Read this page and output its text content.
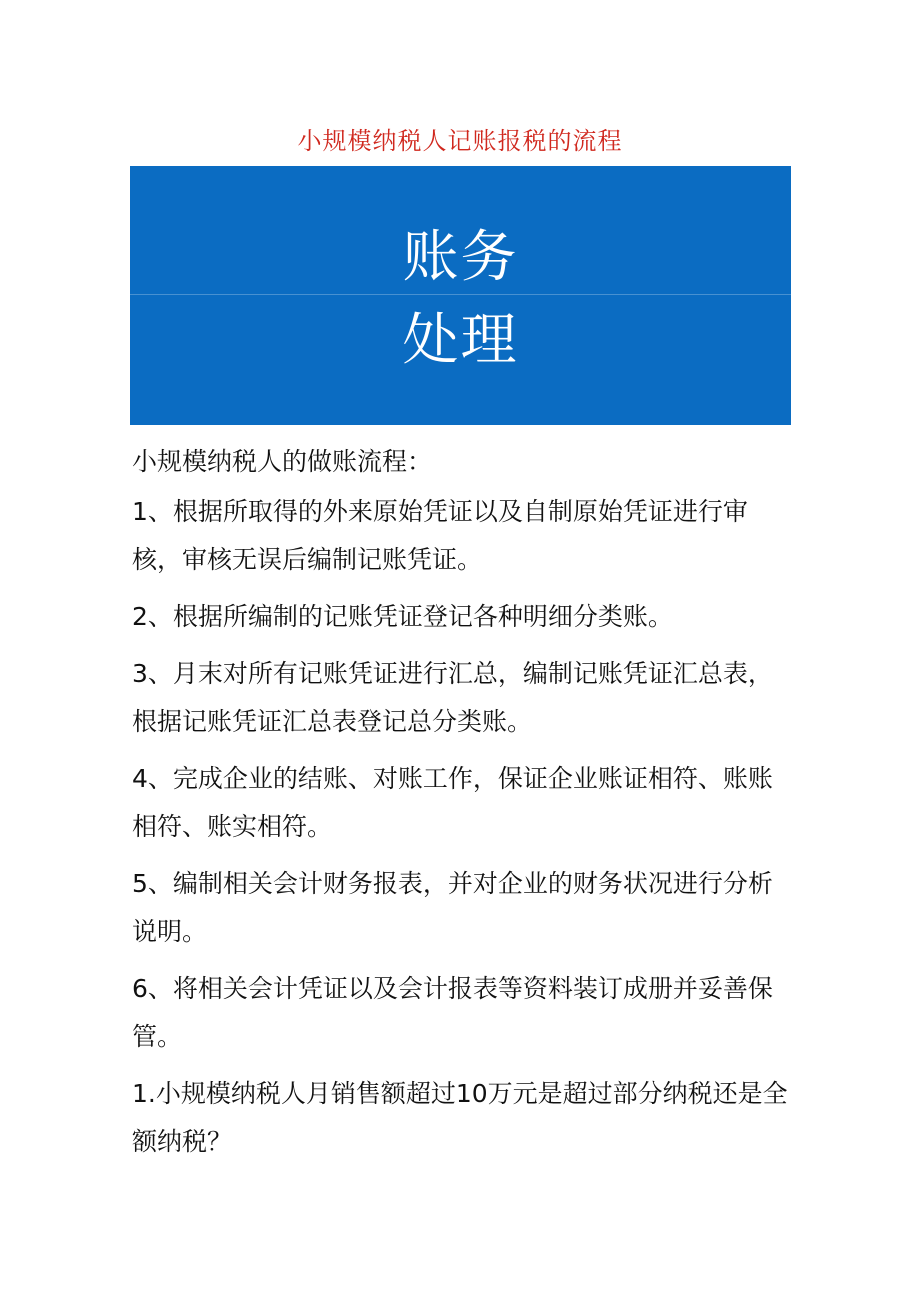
小规模纳税人记账报税的流程
账务
处理

小规模纳税人的做账流程：

1、根据所取得的外来原始凭证以及自制原始凭证进行审核，审核无误后编制记账凭证。

2、根据所编制的记账凭证登记各种明细分类账。

3、月末对所有记账凭证进行汇总，编制记账凭证汇总表，根据记账凭证汇总表登记总分类账。

4、完成企业的结账、对账工作，保证企业账证相符、账账相符、账实相符。

5、编制相关会计财务报表，并对企业的财务状况进行分析说明。

6、将相关会计凭证以及会计报表等资料装订成册并妥善保管。

1.小规模纳税人月销售额超过10万元是超过部分纳税还是全额纳税？
